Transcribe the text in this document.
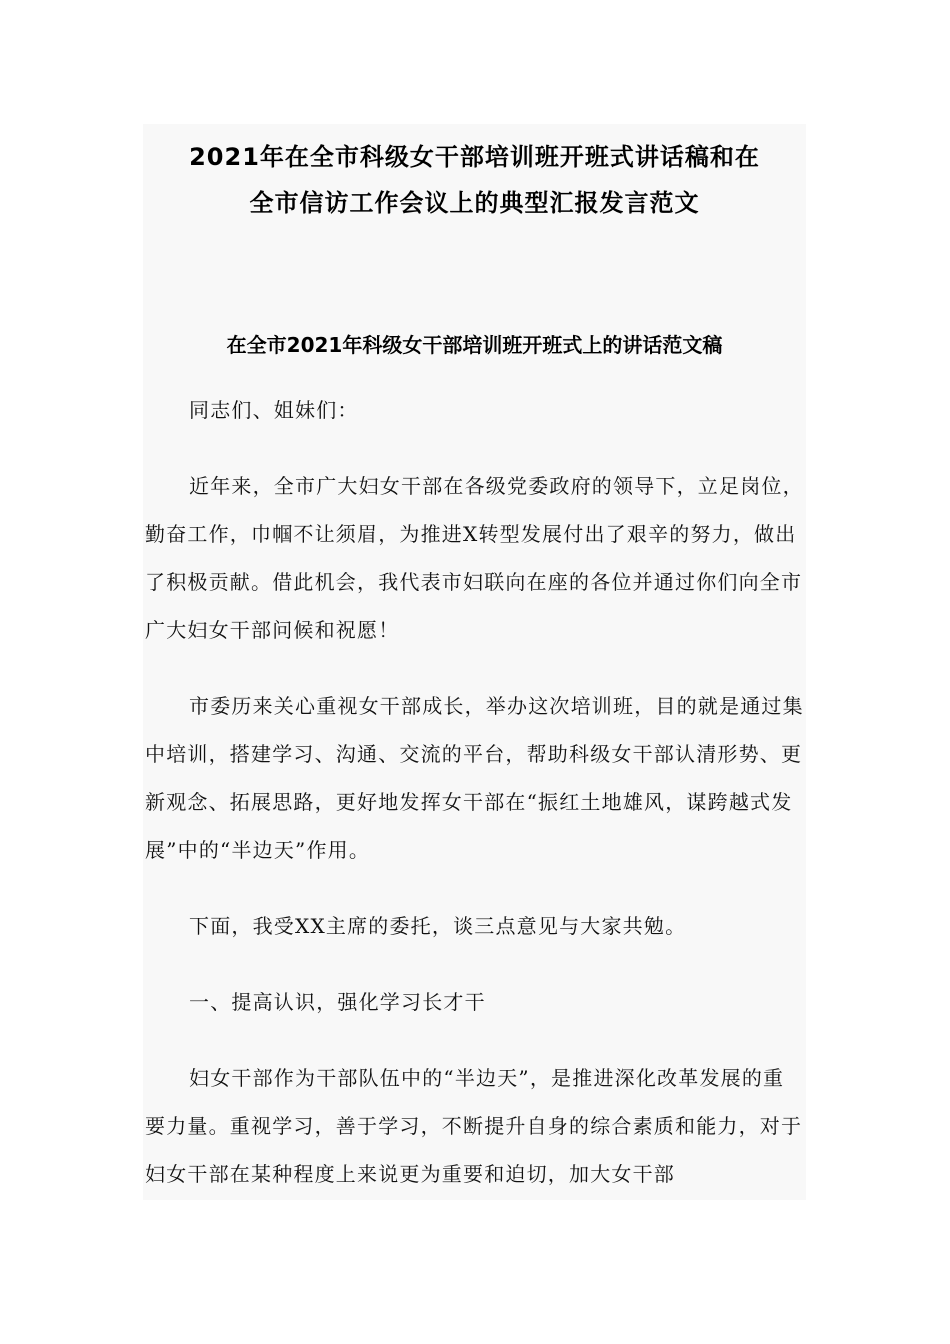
2021年在全市科级女干部培训班开班式讲话稿和在
全市信访工作会议上的典型汇报发言范文
在全市2021年科级女干部培训班开班式上的讲话范文稿

同志们、姐妹们：

近年来，全市广大妇女干部在各级党委政府的领导下，立足岗位，勤奋工作，巾帼不让须眉，为推进X转型发展付出了艰辛的努力，做出了积极贡献。借此机会，我代表市妇联向在座的各位并通过你们向全市广大妇女干部问候和祝愿！

市委历来关心重视女干部成长，举办这次培训班，目的就是通过集中培训，搭建学习、沟通、交流的平台，帮助科级女干部认清形势、更新观念、拓展思路，更好地发挥女干部在“振红土地雄风，谋跨越式发展”中的“半边天”作用。

下面，我受XX主席的委托，谈三点意见与大家共勉。

一、提高认识，强化学习长才干

妇女干部作为干部队伍中的“半边天”，是推进深化改革发展的重要力量。重视学习，善于学习，不断提升自身的综合素质和能力，对于妇女干部在某种程度上来说更为重要和迫切，加大女干部
